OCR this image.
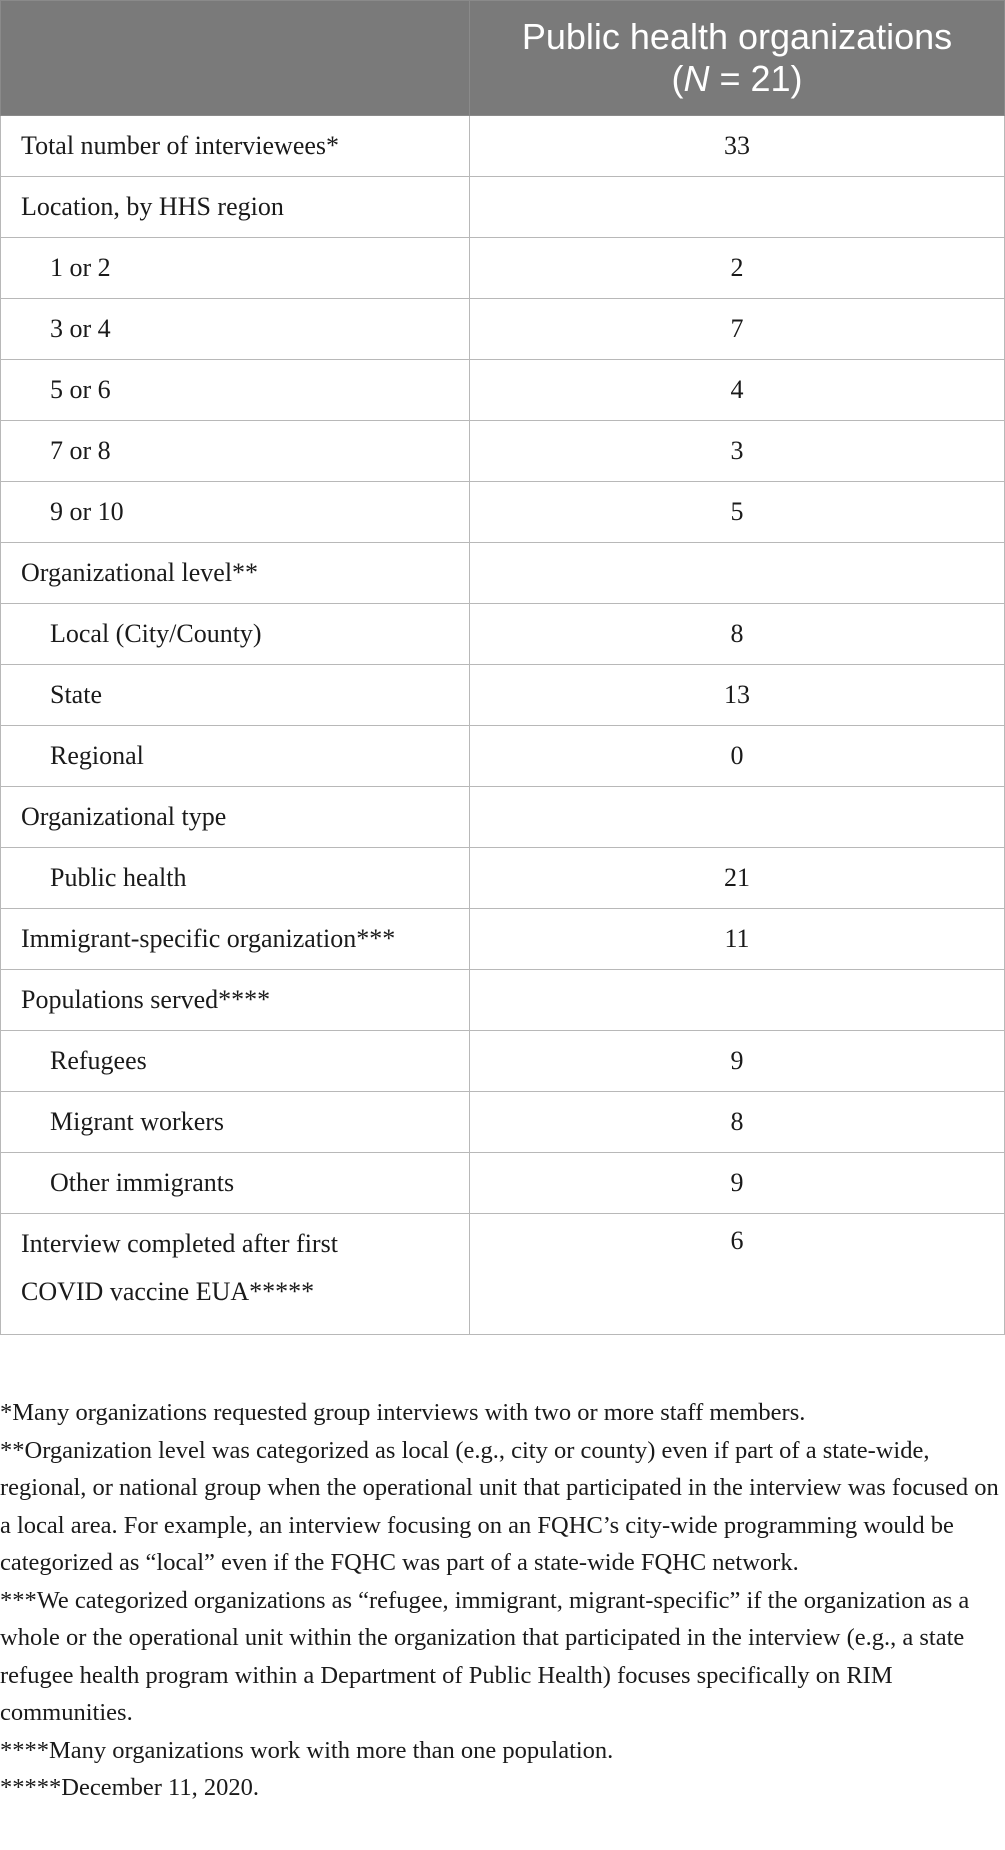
	Public health organizations
(N = 21)

Total number of interviewees*	33
Location, by HHS region	
1 or 2	2
3 or 4	7
5 or 6	4
7 or 8	3
9 or 10	5
Organizational level**	
Local (City/County)	8
State	13
Regional	0
Organizational type	
Public health	21
Immigrant-specific organization***	11
Populations served****	
Refugees	9
Migrant workers	8
Other immigrants	9
Interview completed after first
COVID vaccine EUA*****	6

*Many organizations requested group interviews with two or more staff members.

**Organization level was categorized as local (e.g., city or county) even if part of a state-wide, regional, or national group when the operational unit that participated in the interview was focused on a local area. For example, an interview focusing on an FQHC’s city-wide programming would be categorized as “local” even if the FQHC was part of a state-wide FQHC network.

***We categorized organizations as “refugee, immigrant, migrant-specific” if the organization as a whole or the operational unit within the organization that participated in the interview (e.g., a state refugee health program within a Department of Public Health) focuses specifically on RIM communities.

****Many organizations work with more than one population.

*****December 11, 2020.
